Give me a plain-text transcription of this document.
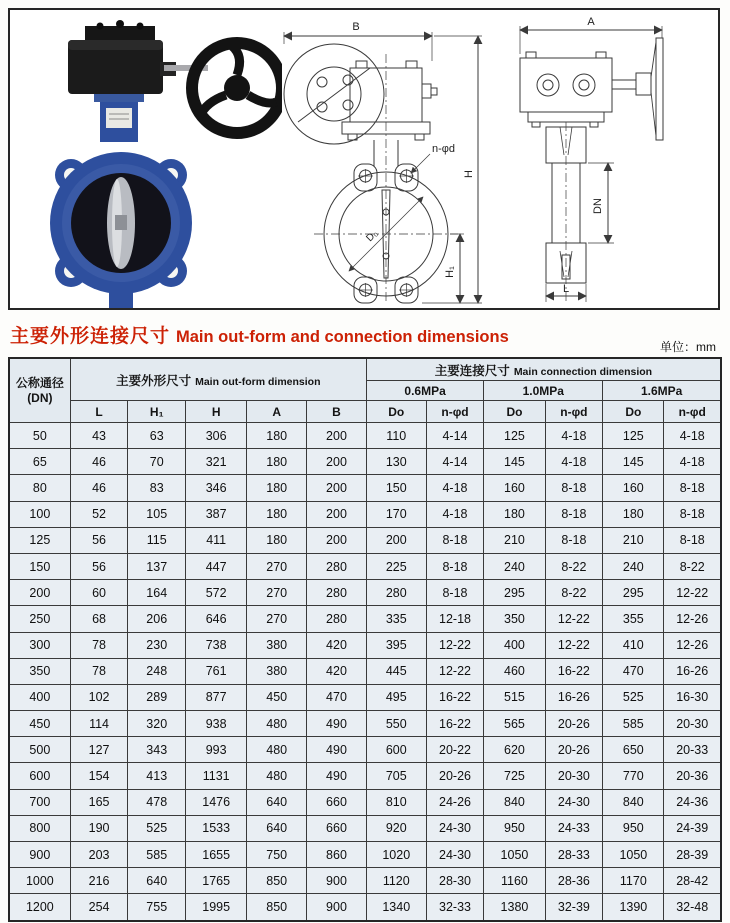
B
H
H₁
n-φd
D₀
A
DN
L
主要外形连接尺寸 Main out-form and connection dimensions
单位：mm
公称通径
(DN)	主要外形尺寸 Main out-form dimension					主要连接尺寸 Main connection dimension					
						0.6MPa		1.0MPa		1.6MPa	
	L	H₁	H	A	B	Do	n-φd	Do	n-φd	Do	n-φd
50	43	63	306	180	200	110	4-14	125	4-18	125	4-18
65	46	70	321	180	200	130	4-14	145	4-18	145	4-18
80	46	83	346	180	200	150	4-18	160	8-18	160	8-18
100	52	105	387	180	200	170	4-18	180	8-18	180	8-18
125	56	115	411	180	200	200	8-18	210	8-18	210	8-18
150	56	137	447	270	280	225	8-18	240	8-22	240	8-22
200	60	164	572	270	280	280	8-18	295	8-22	295	12-22
250	68	206	646	270	280	335	12-18	350	12-22	355	12-26
300	78	230	738	380	420	395	12-22	400	12-22	410	12-26
350	78	248	761	380	420	445	12-22	460	16-22	470	16-26
400	102	289	877	450	470	495	16-22	515	16-26	525	16-30
450	114	320	938	480	490	550	16-22	565	20-26	585	20-30
500	127	343	993	480	490	600	20-22	620	20-26	650	20-33
600	154	413	1131	480	490	705	20-26	725	20-30	770	20-36
700	165	478	1476	640	660	810	24-26	840	24-30	840	24-36
800	190	525	1533	640	660	920	24-30	950	24-33	950	24-39
900	203	585	1655	750	860	1020	24-30	1050	28-33	1050	28-39
1000	216	640	1765	850	900	1120	28-30	1160	28-36	1170	28-42
1200	254	755	1995	850	900	1340	32-33	1380	32-39	1390	32-48
